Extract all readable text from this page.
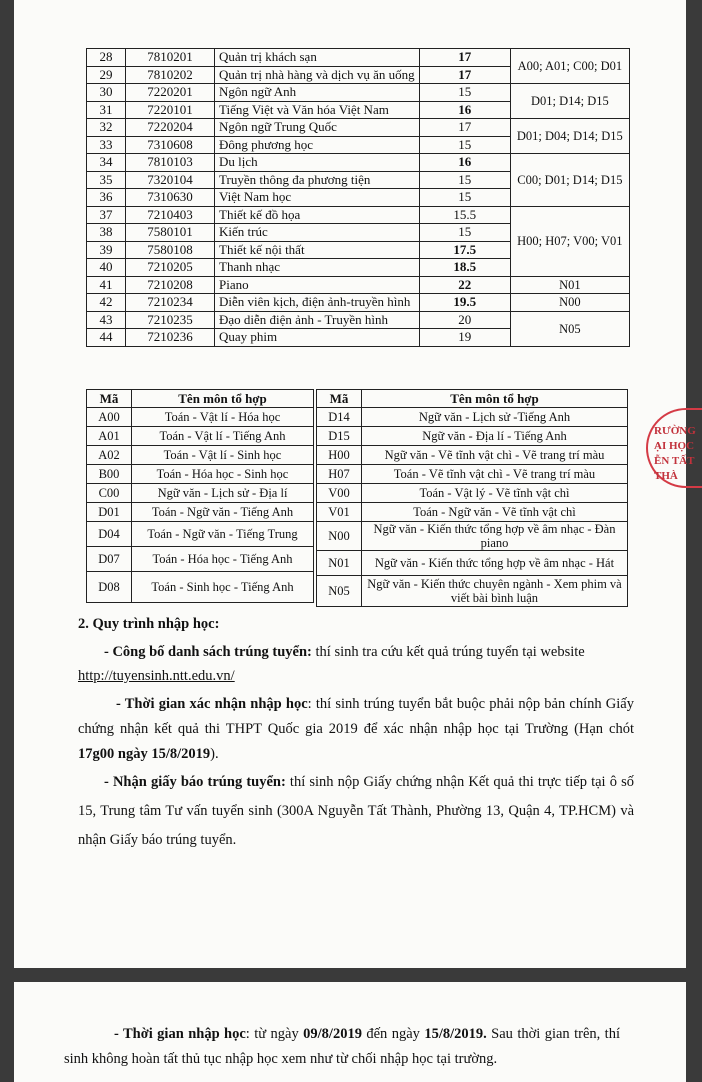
28	7810201	Quản trị khách sạn	17	A00; A01; C00; D01
29	7810202	Quản trị nhà hàng và dịch vụ ăn uống	17	
30	7220201	Ngôn ngữ Anh	15	D01; D14; D15
31	7220101	Tiếng Việt và Văn hóa Việt Nam	16	
32	7220204	Ngôn ngữ Trung Quốc	17	D01; D04; D14; D15
33	7310608	Đông phương học	15	
34	7810103	Du lịch	16	C00; D01; D14; D15
35	7320104	Truyền thông đa phương tiện	15	
36	7310630	Việt Nam học	15	
37	7210403	Thiết kế đồ họa	15.5	H00; H07; V00; V01
38	7580101	Kiến trúc	15	
39	7580108	Thiết kế nội thất	17.5	
40	7210205	Thanh nhạc	18.5	
41	7210208	Piano	22	N01
42	7210234	Diễn viên kịch, điện ảnh-truyền hình	19.5	N00
43	7210235	Đạo diễn điện ảnh - Truyền hình	20	N05
44	7210236	Quay phim	19	
Mã	Tên môn tổ hợp
A00	Toán - Vật lí - Hóa học
A01	Toán - Vật lí - Tiếng Anh
A02	Toán - Vật lí - Sinh học
B00	Toán - Hóa học - Sinh học
C00	Ngữ văn - Lịch sử - Địa lí
D01	Toán - Ngữ văn - Tiếng Anh
D04	Toán - Ngữ văn - Tiếng Trung
D07	Toán - Hóa học - Tiếng Anh
D08	Toán - Sinh học - Tiếng Anh
Mã	Tên môn tổ hợp
D14	Ngữ văn - Lịch sử -Tiếng Anh
D15	Ngữ văn - Địa lí - Tiếng Anh
H00	Ngữ văn - Vẽ tĩnh vật chì - Vẽ trang trí màu
H07	Toán - Vẽ tĩnh vật chì - Vẽ trang trí màu
V00	Toán - Vật lý - Vẽ tĩnh vật chì
V01	Toán - Ngữ văn - Vẽ tĩnh vật chì
N00	Ngữ văn - Kiến thức tổng hợp về âm nhạc - Đàn piano
N01	Ngữ văn - Kiến thức tổng hợp về âm nhạc - Hát
N05	Ngữ văn - Kiến thức chuyên ngành - Xem phim và viết bài bình luận
RƯỜNG
ẠI HỌC
ỄN TẤT THÀ
2. Quy trình nhập học:
- Công bố danh sách trúng tuyển: thí sinh tra cứu kết quả trúng tuyển tại website
http://tuyensinh.ntt.edu.vn/
- Thời gian xác nhận nhập học: thí sinh trúng tuyển bắt buộc phải nộp bản chính Giấy chứng nhận kết quả thi THPT Quốc gia 2019 để xác nhận nhập học tại Trường (Hạn chót 17g00 ngày 15/8/2019).
- Nhận giấy báo trúng tuyển: thí sinh nộp Giấy chứng nhận Kết quả thi trực tiếp tại ô số 15, Trung tâm Tư vấn tuyển sinh (300A Nguyễn Tất Thành, Phường 13, Quận 4, TP.HCM) và nhận Giấy báo trúng tuyển.
- Thời gian nhập học: từ ngày 09/8/2019 đến ngày 15/8/2019. Sau thời gian trên, thí sinh không hoàn tất thủ tục nhập học xem như từ chối nhập học tại trường.
